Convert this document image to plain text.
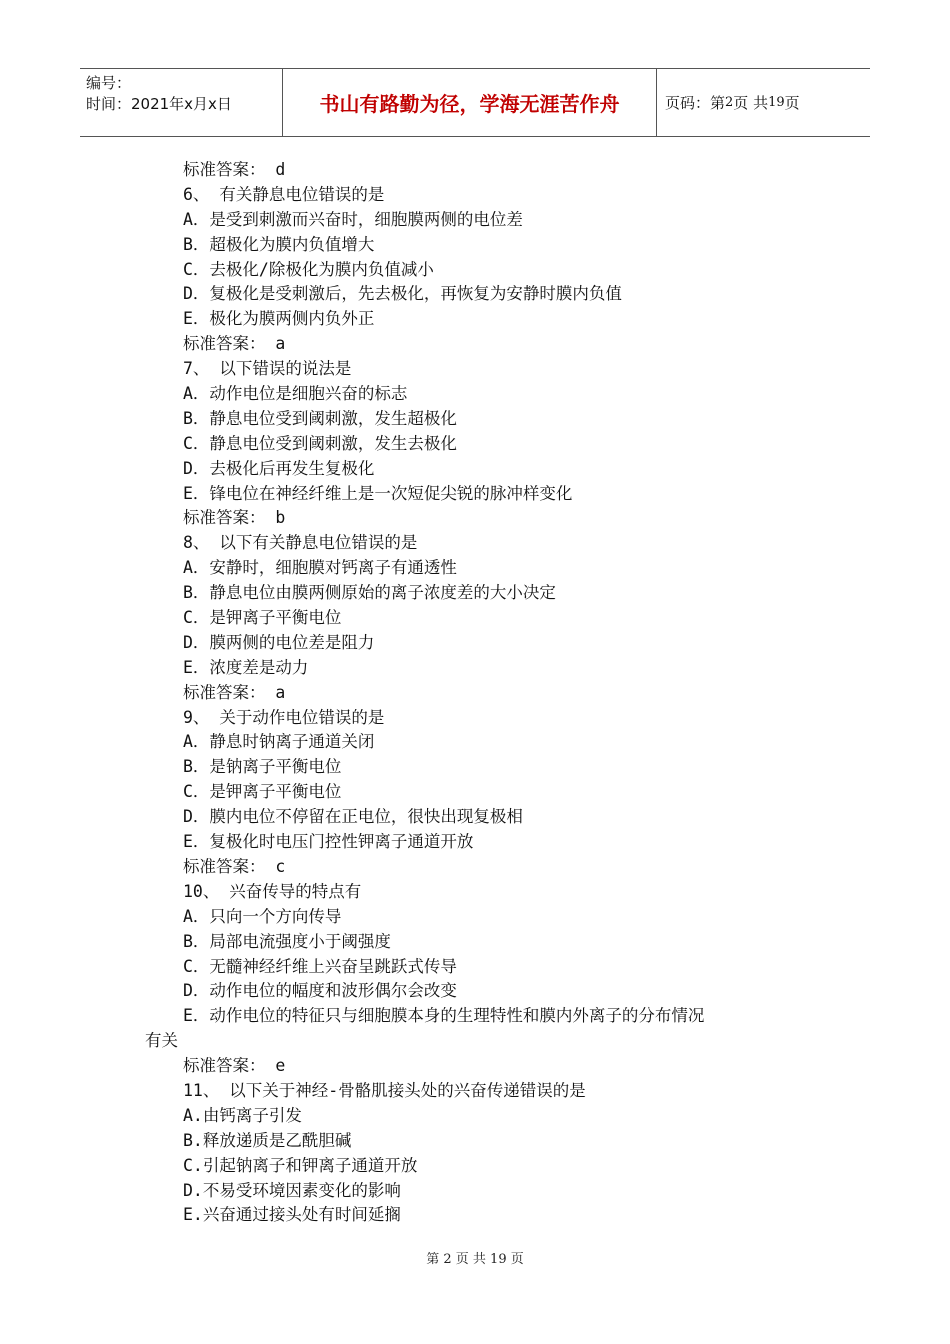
编号：
时间：2021年x月x日	书山有路勤为径，学海无涯苦作舟	页码：第 2 页 共 19 页
标准答案： d
6、 有关静息电位错误的是
A．是受到刺激而兴奋时，细胞膜两侧的电位差
B．超极化为膜内负值增大
C．去极化/除极化为膜内负值减小
D．复极化是受刺激后，先去极化，再恢复为安静时膜内负值
E．极化为膜两侧内负外正
标准答案： a
7、 以下错误的说法是
A．动作电位是细胞兴奋的标志
B．静息电位受到阈刺激，发生超极化
C．静息电位受到阈刺激，发生去极化
D．去极化后再发生复极化
E．锋电位在神经纤维上是一次短促尖锐的脉冲样变化
标准答案： b
8、 以下有关静息电位错误的是
A．安静时，细胞膜对钙离子有通透性
B．静息电位由膜两侧原始的离子浓度差的大小决定
C．是钾离子平衡电位
D．膜两侧的电位差是阻力
E．浓度差是动力
标准答案： a
9、 关于动作电位错误的是
A．静息时钠离子通道关闭
B．是钠离子平衡电位
C．是钾离子平衡电位
D．膜内电位不停留在正电位，很快出现复极相
E．复极化时电压门控性钾离子通道开放
标准答案： c
10、 兴奋传导的特点有
A．只向一个方向传导
B．局部电流强度小于阈强度
C．无髓神经纤维上兴奋呈跳跃式传导
D．动作电位的幅度和波形偶尔会改变
E．动作电位的特征只与细胞膜本身的生理特性和膜内外离子的分布情况
有关
标准答案： e
11、 以下关于神经-骨骼肌接头处的兴奋传递错误的是
A.由钙离子引发
B.释放递质是乙酰胆碱
C.引起钠离子和钾离子通道开放
D.不易受环境因素变化的影响
E.兴奋通过接头处有时间延搁
第 2 页 共 19 页
